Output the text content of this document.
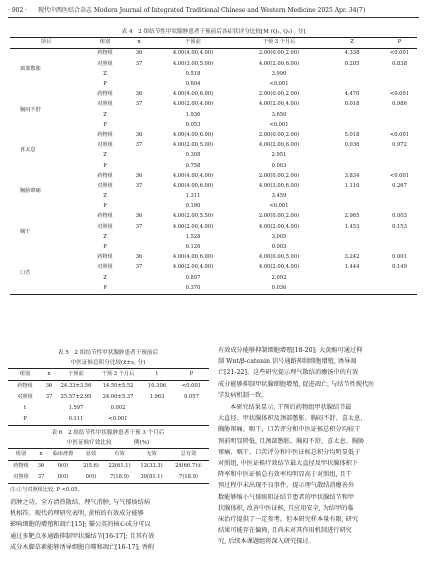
· 902 · 现代中西医结合杂志 Modern Journal of Integrated Traditional Chinese and Western Medicine 2025 Apr. 34(7)
表 4　2 组结节性甲状腺肿患者干预前后各症状评分比较[M (Q₁, Q₃) , 分]
项目	组别	n	干预前	干预 3 个月后	Z	P
颈部憋胀	药物组	36	4.00(4.00,4.00)	2.00(0.00,2.00)	4.338	<0.001
	对照组	37	4.00(3.00,5.00)	4.00(2.00,6.00)	0.205	0.838
	Z		0.518	3.990		
	P		0.604	<0.001		
胸闷不舒	药物组	36	4.00(4.00,6.00)	2.00(0.00,2.00)	4.470	<0.001
	对照组	37	4.00(2.00,4.00)	4.00(2.00,4.00)	0.018	0.986
	Z		1.936	3.650		
	P		0.053	<0.001		
喜太息	药物组	36	4.00(4.00,6.00)	2.00(0.00,2.00)	5.018	<0.001
	对照组	37	4.00(2.00,5.00)	4.00(2.00,6.00)	0.036	0.972
	Z		0.308	2.951		
	P		0.758	0.003		
胸胁窜痛	药物组	36	4.00(4.00,4.00)	2.00(0.00,2.00)	3.834	<0.001
	对照组	37	4.00(4.00,6.00)	4.00(3.00,6.00)	1.110	0.267
	Z		1.311	3.459		
	P		0.190	<0.001		
咽干	药物组	36	4.00(2.00,5.50)	2.00(0.00,2.00)	2.965	0.003
	对照组	37	4.00(2.00,4.00)	4.00(2.00,4.00)	1.453	0.153
	Z		1.528	3.005		
	P		0.126	0.003		
口苦	药物组	36	4.00(4.00,6.00)	4.00(0.00,5.00)	3.242	0.001
	对照组	37	4.00(2.00,4.00)	4.00(2.00,4.00)	1.444	0.149
	Z		0.897	2.092		
	P		0.370	0.036		
表 5　2 组结节性甲状腺肿患者干预前后
中医证候总积分比较(x̄±s, 分)
组别	n	干预前	干预 3 个月后	t	P
药物组	36	24.33±3.56	14.50±5.52	10.306	<0.001
对照组	37	25.57±2.95	24.00±5.37	1.963	0.057
t		1.597	0.002		
P		0.111	<0.001		
表 6　2 组结节性甲状腺肿患者干预 3 个月后
中医证候疗效比较　　　　例(%)
组别	n	临床痊愈	显效	有效	无效	总有效
药物组	36	0(0)	2(5.6)	22(61.1)	12(33.3)	24(66.7)①
对照组	37	0(0)	0(0)	7(18.9)	30(81.1)	7(18.9)
注:①与对照组比较, P <0.05。
消肿之功。全方清热散结、理气消肿, 与气郁痰结病
机相符。现代药理研究表明, 黄柏的有效成分能够
影响细胞的增殖和凋亡[15]; 猫公英的核心成分可以
通过多靶点多通路抑制甲状腺结节[16-17]; 且其有效
成分木脚草素能够诱导细胞自噬和凋亡[16-17]; 香附
有效成分能够抑制细胞增殖[18-20]; 大黄酚可通过抑
制 Wnt/β-catenin 信号通路抑制细胞增殖, 诱导凋
亡[21-22]。这些研究提示理气散结消瘿汤中的有效
成分能够抑制甲状腺细胞增殖, 促进凋亡, 与结节性现代医
学发病机制一致。
本研究结果显示, 干预后药物组甲状腺结节最
大直径、甲状腺体积及颈部憋胀、胸闷不舒、喜太息、
胸胁窜痛、咽干、口苦评分和中医证候总积分均较干
预前明显降低, 且颈部憋胀、胸闷不舒、喜太息、胸胁
窜痛、咽干、口苦评分和中医证候总积分均明显低于
对照组, 中医证候疗效结节最大直径及甲状腺体积下
降率和中医证候总有效率均明显高于对照组, 且干
预过程中未出现不良事件。提示理气散结消瘿善外
数能够缩小气郁痰阻证结节患者的甲状腺结节和甲
状腺体积, 改善中医证候, 且应用安全, 为结甲的临
床治疗提供了一定参考。但本研究样本量有限, 研究
结果可能存在偏倚, 且尚未对其作用机制进行研究
究, 后续本课题组将深入研究探讨。
